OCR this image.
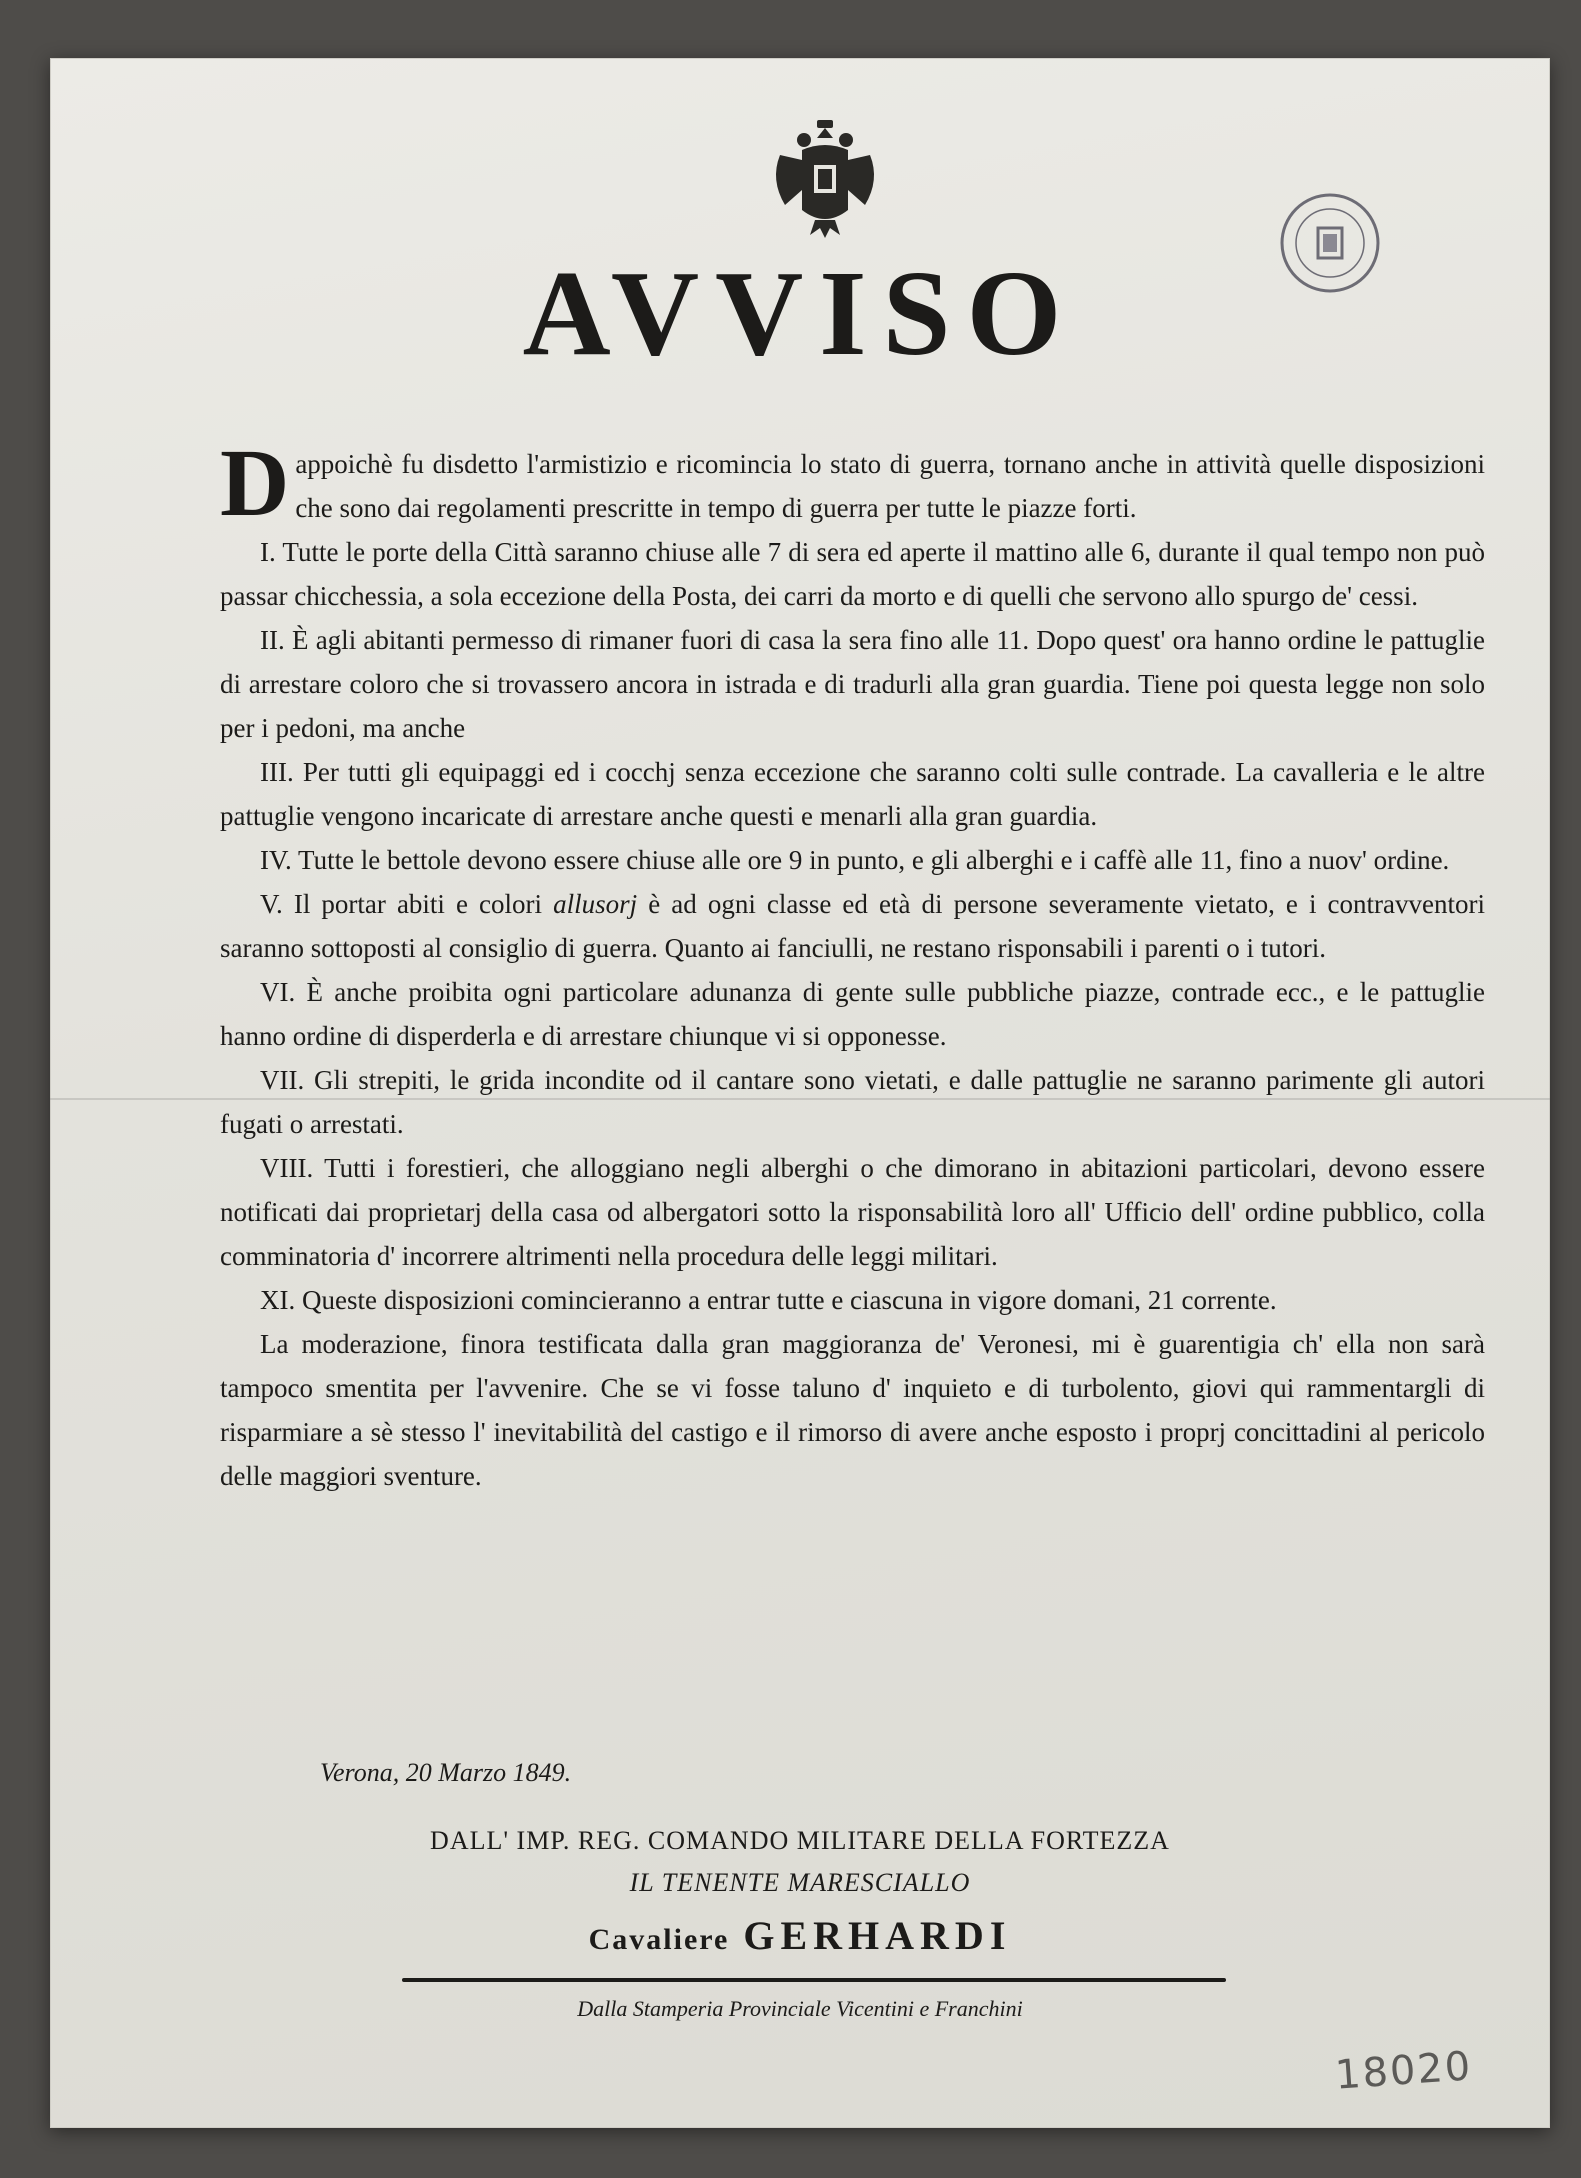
AVVISO

Dappoichè fu disdetto l'armistizio e ricomincia lo stato di guerra, tornano anche in attività quelle disposizioni che sono dai regolamenti prescritte in tempo di guerra per tutte le piazze forti.

I. Tutte le porte della Città saranno chiuse alle 7 di sera ed aperte il mattino alle 6, durante il qual tempo non può passar chicchessia, a sola eccezione della Posta, dei carri da morto e di quelli che servono allo spurgo de' cessi.

II. È agli abitanti permesso di rimaner fuori di casa la sera fino alle 11. Dopo quest' ora hanno ordine le pattuglie di arrestare coloro che si trovassero ancora in istrada e di tradurli alla gran guardia. Tiene poi questa legge non solo per i pedoni, ma anche

III. Per tutti gli equipaggi ed i cocchj senza eccezione che saranno colti sulle contrade. La cavalleria e le altre pattuglie vengono incaricate di arrestare anche questi e menarli alla gran guardia.

IV. Tutte le bettole devono essere chiuse alle ore 9 in punto, e gli alberghi e i caffè alle 11, fino a nuov' ordine.

V. Il portar abiti e colori allusorj è ad ogni classe ed età di persone severamente vietato, e i contravventori saranno sottoposti al consiglio di guerra. Quanto ai fanciulli, ne restano risponsabili i parenti o i tutori.

VI. È anche proibita ogni particolare adunanza di gente sulle pubbliche piazze, contrade ecc., e le pattuglie hanno ordine di disperderla e di arrestare chiunque vi si opponesse.

VII. Gli strepiti, le grida incondite od il cantare sono vietati, e dalle pattuglie ne saranno parimente gli autori fugati o arrestati.

VIII. Tutti i forestieri, che alloggiano negli alberghi o che dimorano in abitazioni particolari, devono essere notificati dai proprietarj della casa od albergatori sotto la risponsabilità loro all' Ufficio dell' ordine pubblico, colla comminatoria d' incorrere altrimenti nella procedura delle leggi militari.

XI. Queste disposizioni comincieranno a entrar tutte e ciascuna in vigore domani, 21 corrente.

La moderazione, finora testificata dalla gran maggioranza de' Veronesi, mi è guarentigia ch' ella non sarà tampoco smentita per l'avvenire. Che se vi fosse taluno d' inquieto e di turbolento, giovi qui rammentargli di risparmiare a sè stesso l' inevitabilità del castigo e il rimorso di avere anche esposto i proprj concittadini al pericolo delle maggiori sventure.

Verona, 20 Marzo 1849.
DALL' IMP. REG. COMANDO MILITARE DELLA FORTEZZA
IL TENENTE MARESCIALLO
Cavaliere GERHARDI
Dalla Stamperia Provinciale Vicentini e Franchini
18020
